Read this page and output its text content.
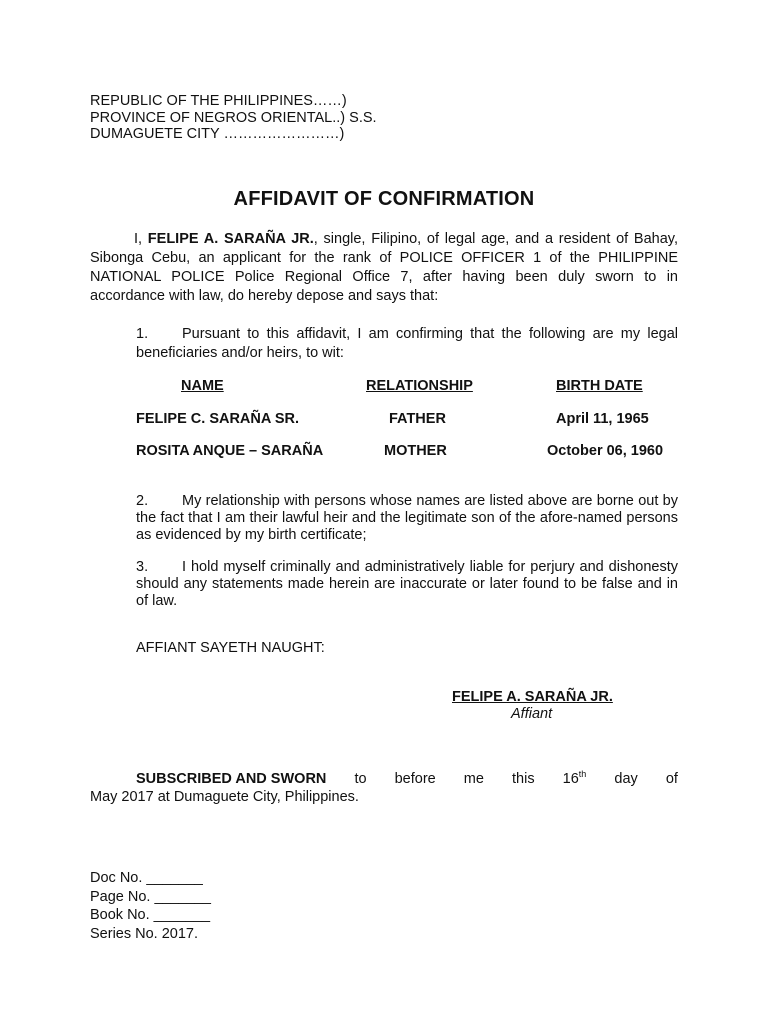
REPUBLIC OF THE PHILIPPINES……)
PROVINCE OF NEGROS ORIENTAL..) S.S.
DUMAGUETE CITY ……………………)
AFFIDAVIT OF CONFIRMATION
I, FELIPE A. SARAÑA JR., single, Filipino, of legal age, and a resident of Bahay, Sibonga Cebu, an applicant for the rank of POLICE OFFICER 1 of the PHILIPPINE NATIONAL POLICE Police Regional Office 7, after having been duly sworn to in accordance with law, do hereby depose and says that:
1. Pursuant to this affidavit, I am confirming that the following are my legal beneficiaries and/or heirs, to wit:
NAME	RELATIONSHIP	BIRTH DATE
FELIPE C. SARAÑA SR.	FATHER	April 11, 1965
ROSITA ANQUE – SARAÑA	MOTHER	October 06, 1960
2. My relationship with persons whose names are listed above are borne out by the fact that I am their lawful heir and the legitimate son of the afore-named persons as evidenced by my birth certificate;
3. I hold myself criminally and administratively liable for perjury and dishonesty should any statements made herein are inaccurate or later found to be false and in of law.
AFFIANT SAYETH NAUGHT:
FELIPE A. SARAÑA JR.
Affiant
SUBSCRIBED AND SWORN to before me this 16th day of
May 2017 at Dumaguete City, Philippines.
Doc No. _______
Page No. _______
Book No. _______
Series No. 2017.
